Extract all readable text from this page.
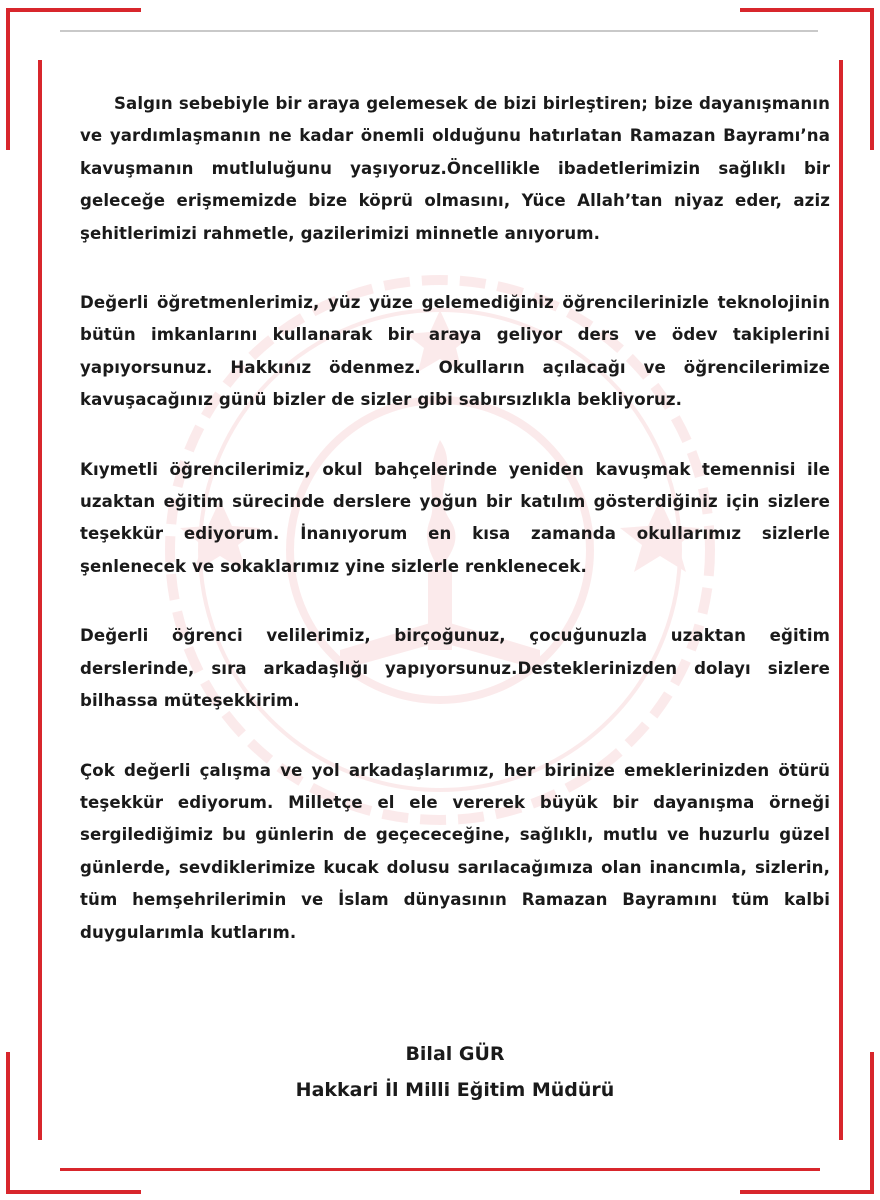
Salgın sebebiyle bir araya gelemesek de bizi birleştiren; bize dayanışmanın ve yardımlaşmanın ne kadar önemli olduğunu hatırlatan Ramazan Bayramı’na kavuşmanın mutluluğunu yaşıyoruz.Öncellikle ibadetlerimizin sağlıklı bir geleceğe erişmemizde bize köprü olmasını, Yüce Allah’tan niyaz eder, aziz şehitlerimizi rahmetle, gazilerimizi minnetle anıyorum.

Değerli öğretmenlerimiz, yüz yüze gelemediğiniz öğrencilerinizle teknolojinin bütün imkanlarını kullanarak bir araya geliyor ders ve ödev takiplerini yapıyorsunuz. Hakkınız ödenmez. Okulların açılacağı ve öğrencilerimize kavuşacağınız günü bizler de sizler gibi sabırsızlıkla bekliyoruz.

Kıymetli öğrencilerimiz, okul bahçelerinde yeniden kavuşmak temennisi ile uzaktan eğitim sürecinde derslere yoğun bir katılım gösterdiğiniz için sizlere teşekkür ediyorum. İnanıyorum en kısa zamanda okullarımız sizlerle şenlenecek ve sokaklarımız yine sizlerle renklenecek.

Değerli öğrenci velilerimiz, birçoğunuz, çocuğunuzla uzaktan eğitim derslerinde, sıra arkadaşlığı yapıyorsunuz.Desteklerinizden dolayı sizlere bilhassa müteşekkirim.

Çok değerli çalışma ve yol arkadaşlarımız, her birinize emeklerinizden ötürü teşekkür ediyorum. Milletçe el ele vererek büyük bir dayanışma örneği sergilediğimiz bu günlerin de geçececeğine, sağlıklı, mutlu ve huzurlu güzel günlerde, sevdiklerimize kucak dolusu sarılacağımıza olan inancımla, sizlerin, tüm hemşehrilerimin ve İslam dünyasının Ramazan Bayramını tüm kalbi duygularımla kutlarım.

Bilal GÜR
Hakkari İl Milli Eğitim Müdürü
